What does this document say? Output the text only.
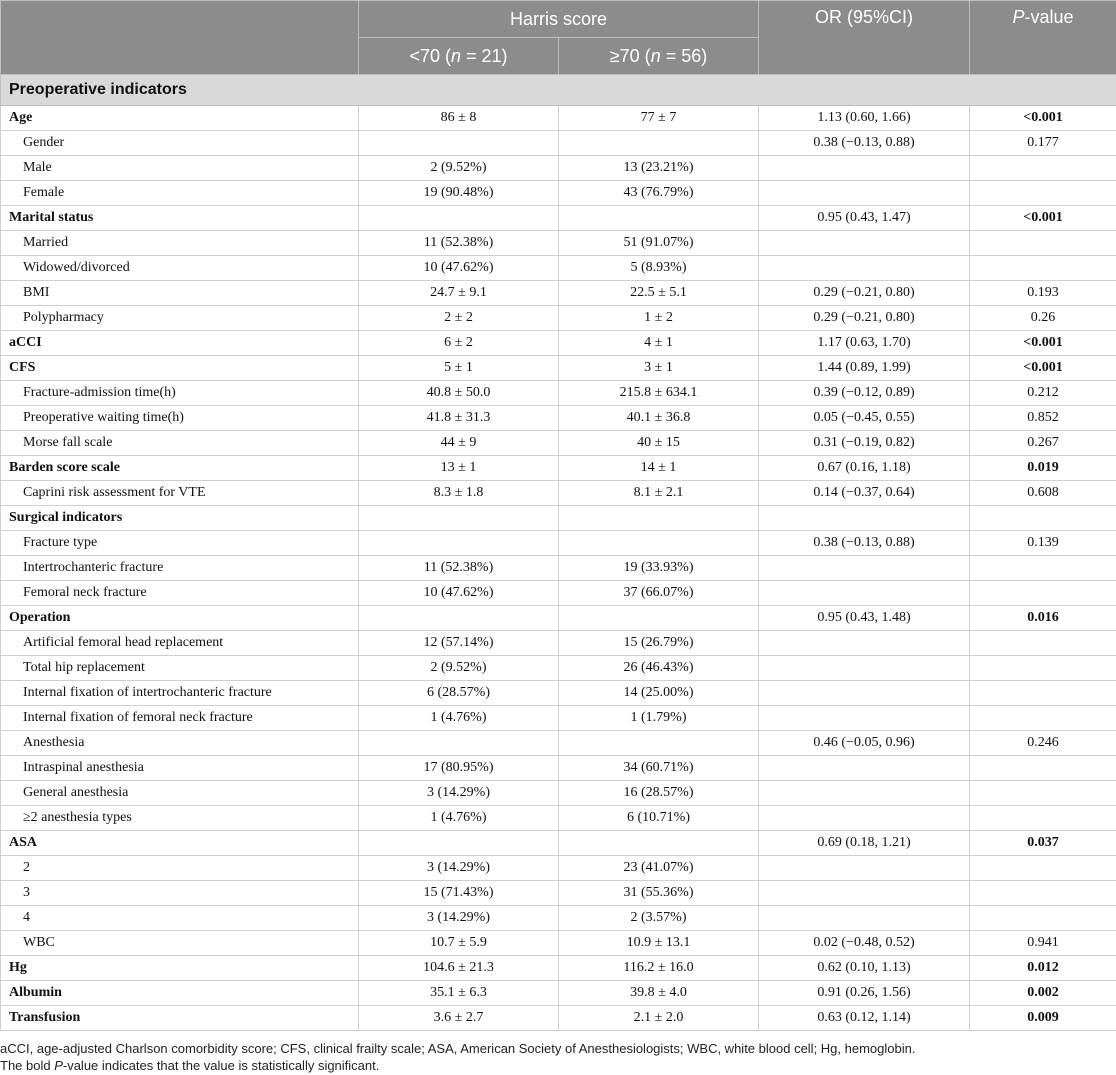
	Harris score		OR (95%CI)	P-value
	<70 (n = 21)	≥70 (n = 56)		
Preoperative indicators				
Age	86 ± 8	77 ± 7	1.13 (0.60, 1.66)	<0.001
Gender			0.38 (−0.13, 0.88)	0.177
Male	2 (9.52%)	13 (23.21%)		
Female	19 (90.48%)	43 (76.79%)		
Marital status			0.95 (0.43, 1.47)	<0.001
Married	11 (52.38%)	51 (91.07%)		
Widowed/divorced	10 (47.62%)	5 (8.93%)		
BMI	24.7 ± 9.1	22.5 ± 5.1	0.29 (−0.21, 0.80)	0.193
Polypharmacy	2 ± 2	1 ± 2	0.29 (−0.21, 0.80)	0.26
aCCI	6 ± 2	4 ± 1	1.17 (0.63, 1.70)	<0.001
CFS	5 ± 1	3 ± 1	1.44 (0.89, 1.99)	<0.001
Fracture-admission time(h)	40.8 ± 50.0	215.8 ± 634.1	0.39 (−0.12, 0.89)	0.212
Preoperative waiting time(h)	41.8 ± 31.3	40.1 ± 36.8	0.05 (−0.45, 0.55)	0.852
Morse fall scale	44 ± 9	40 ± 15	0.31 (−0.19, 0.82)	0.267
Barden score scale	13 ± 1	14 ± 1	0.67 (0.16, 1.18)	0.019
Caprini risk assessment for VTE	8.3 ± 1.8	8.1 ± 2.1	0.14 (−0.37, 0.64)	0.608
Surgical indicators				
Fracture type			0.38 (−0.13, 0.88)	0.139
Intertrochanteric fracture	11 (52.38%)	19 (33.93%)		
Femoral neck fracture	10 (47.62%)	37 (66.07%)		
Operation			0.95 (0.43, 1.48)	0.016
Artificial femoral head replacement	12 (57.14%)	15 (26.79%)		
Total hip replacement	2 (9.52%)	26 (46.43%)		
Internal fixation of intertrochanteric fracture	6 (28.57%)	14 (25.00%)		
Internal fixation of femoral neck fracture	1 (4.76%)	1 (1.79%)		
Anesthesia			0.46 (−0.05, 0.96)	0.246
Intraspinal anesthesia	17 (80.95%)	34 (60.71%)		
General anesthesia	3 (14.29%)	16 (28.57%)		
≥2 anesthesia types	1 (4.76%)	6 (10.71%)		
ASA			0.69 (0.18, 1.21)	0.037
2	3 (14.29%)	23 (41.07%)		
3	15 (71.43%)	31 (55.36%)		
4	3 (14.29%)	2 (3.57%)		
WBC	10.7 ± 5.9	10.9 ± 13.1	0.02 (−0.48, 0.52)	0.941
Hg	104.6 ± 21.3	116.2 ± 16.0	0.62 (0.10, 1.13)	0.012
Albumin	35.1 ± 6.3	39.8 ± 4.0	0.91 (0.26, 1.56)	0.002
Transfusion	3.6 ± 2.7	2.1 ± 2.0	0.63 (0.12, 1.14)	0.009
aCCI, age-adjusted Charlson comorbidity score; CFS, clinical frailty scale; ASA, American Society of Anesthesiologists; WBC, white blood cell; Hg, hemoglobin.
The bold P-value indicates that the value is statistically significant.
